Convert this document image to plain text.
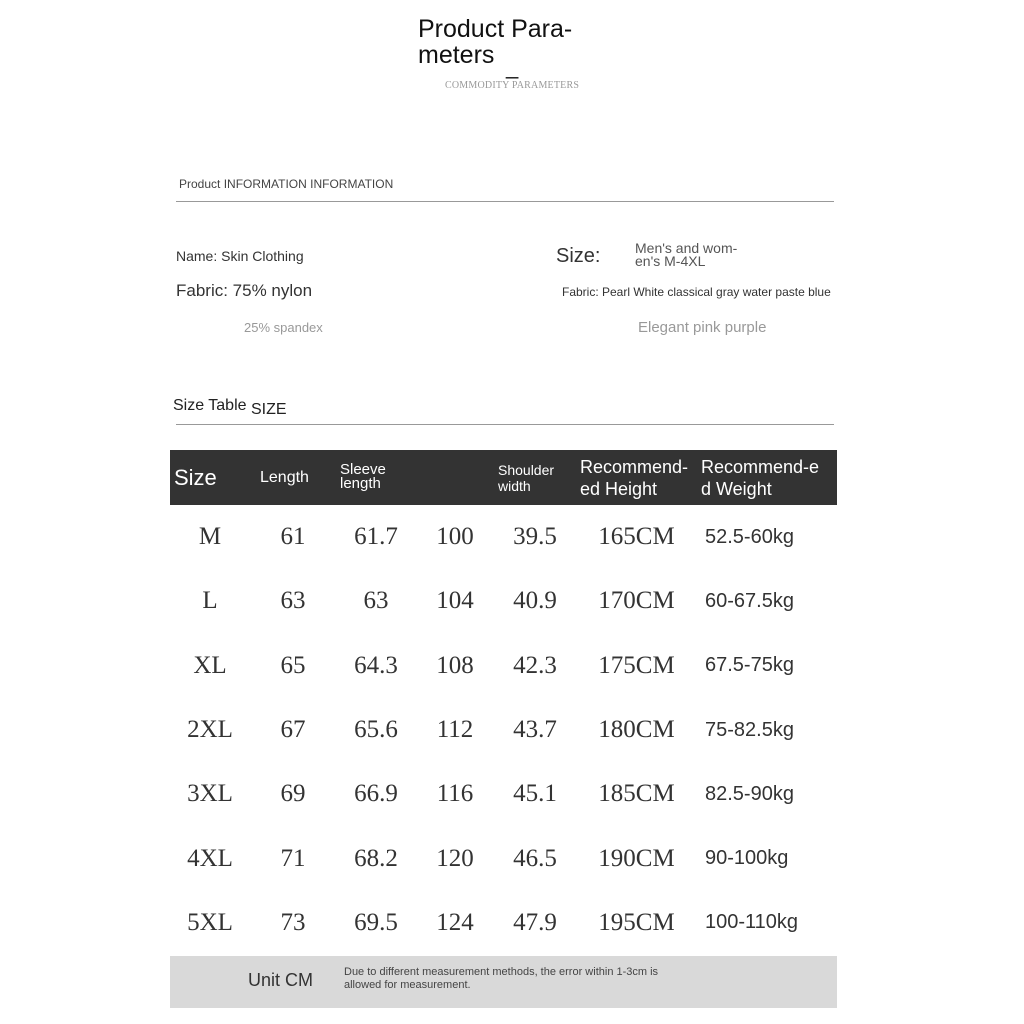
Product Para-meters _
COMMODITY PARAMETERS
Product INFORMATION INFORMATION
Name: Skin Clothing
Fabric: 75% nylon
25% spandex
Size: Men's and wom-
en's M-4XL
Fabric: Pearl White classical gray water paste blue
Elegant pink purple
Size Table SIZE
Size	Length	Sleeve length		Shoulder width	Recommend-ed Height	Recommend-ed Weight
M	61	61.7	100	39.5	165CM	52.5-60kg
L	63	63	104	40.9	170CM	60-67.5kg
XL	65	64.3	108	42.3	175CM	67.5-75kg
2XL	67	65.6	112	43.7	180CM	75-82.5kg
3XL	69	66.9	116	45.1	185CM	82.5-90kg
4XL	71	68.2	120	46.5	190CM	90-100kg
5XL	73	69.5	124	47.9	195CM	100-110kg
Unit CM	Due to different measurement methods, the error within 1-3cm is allowed for measurement.
